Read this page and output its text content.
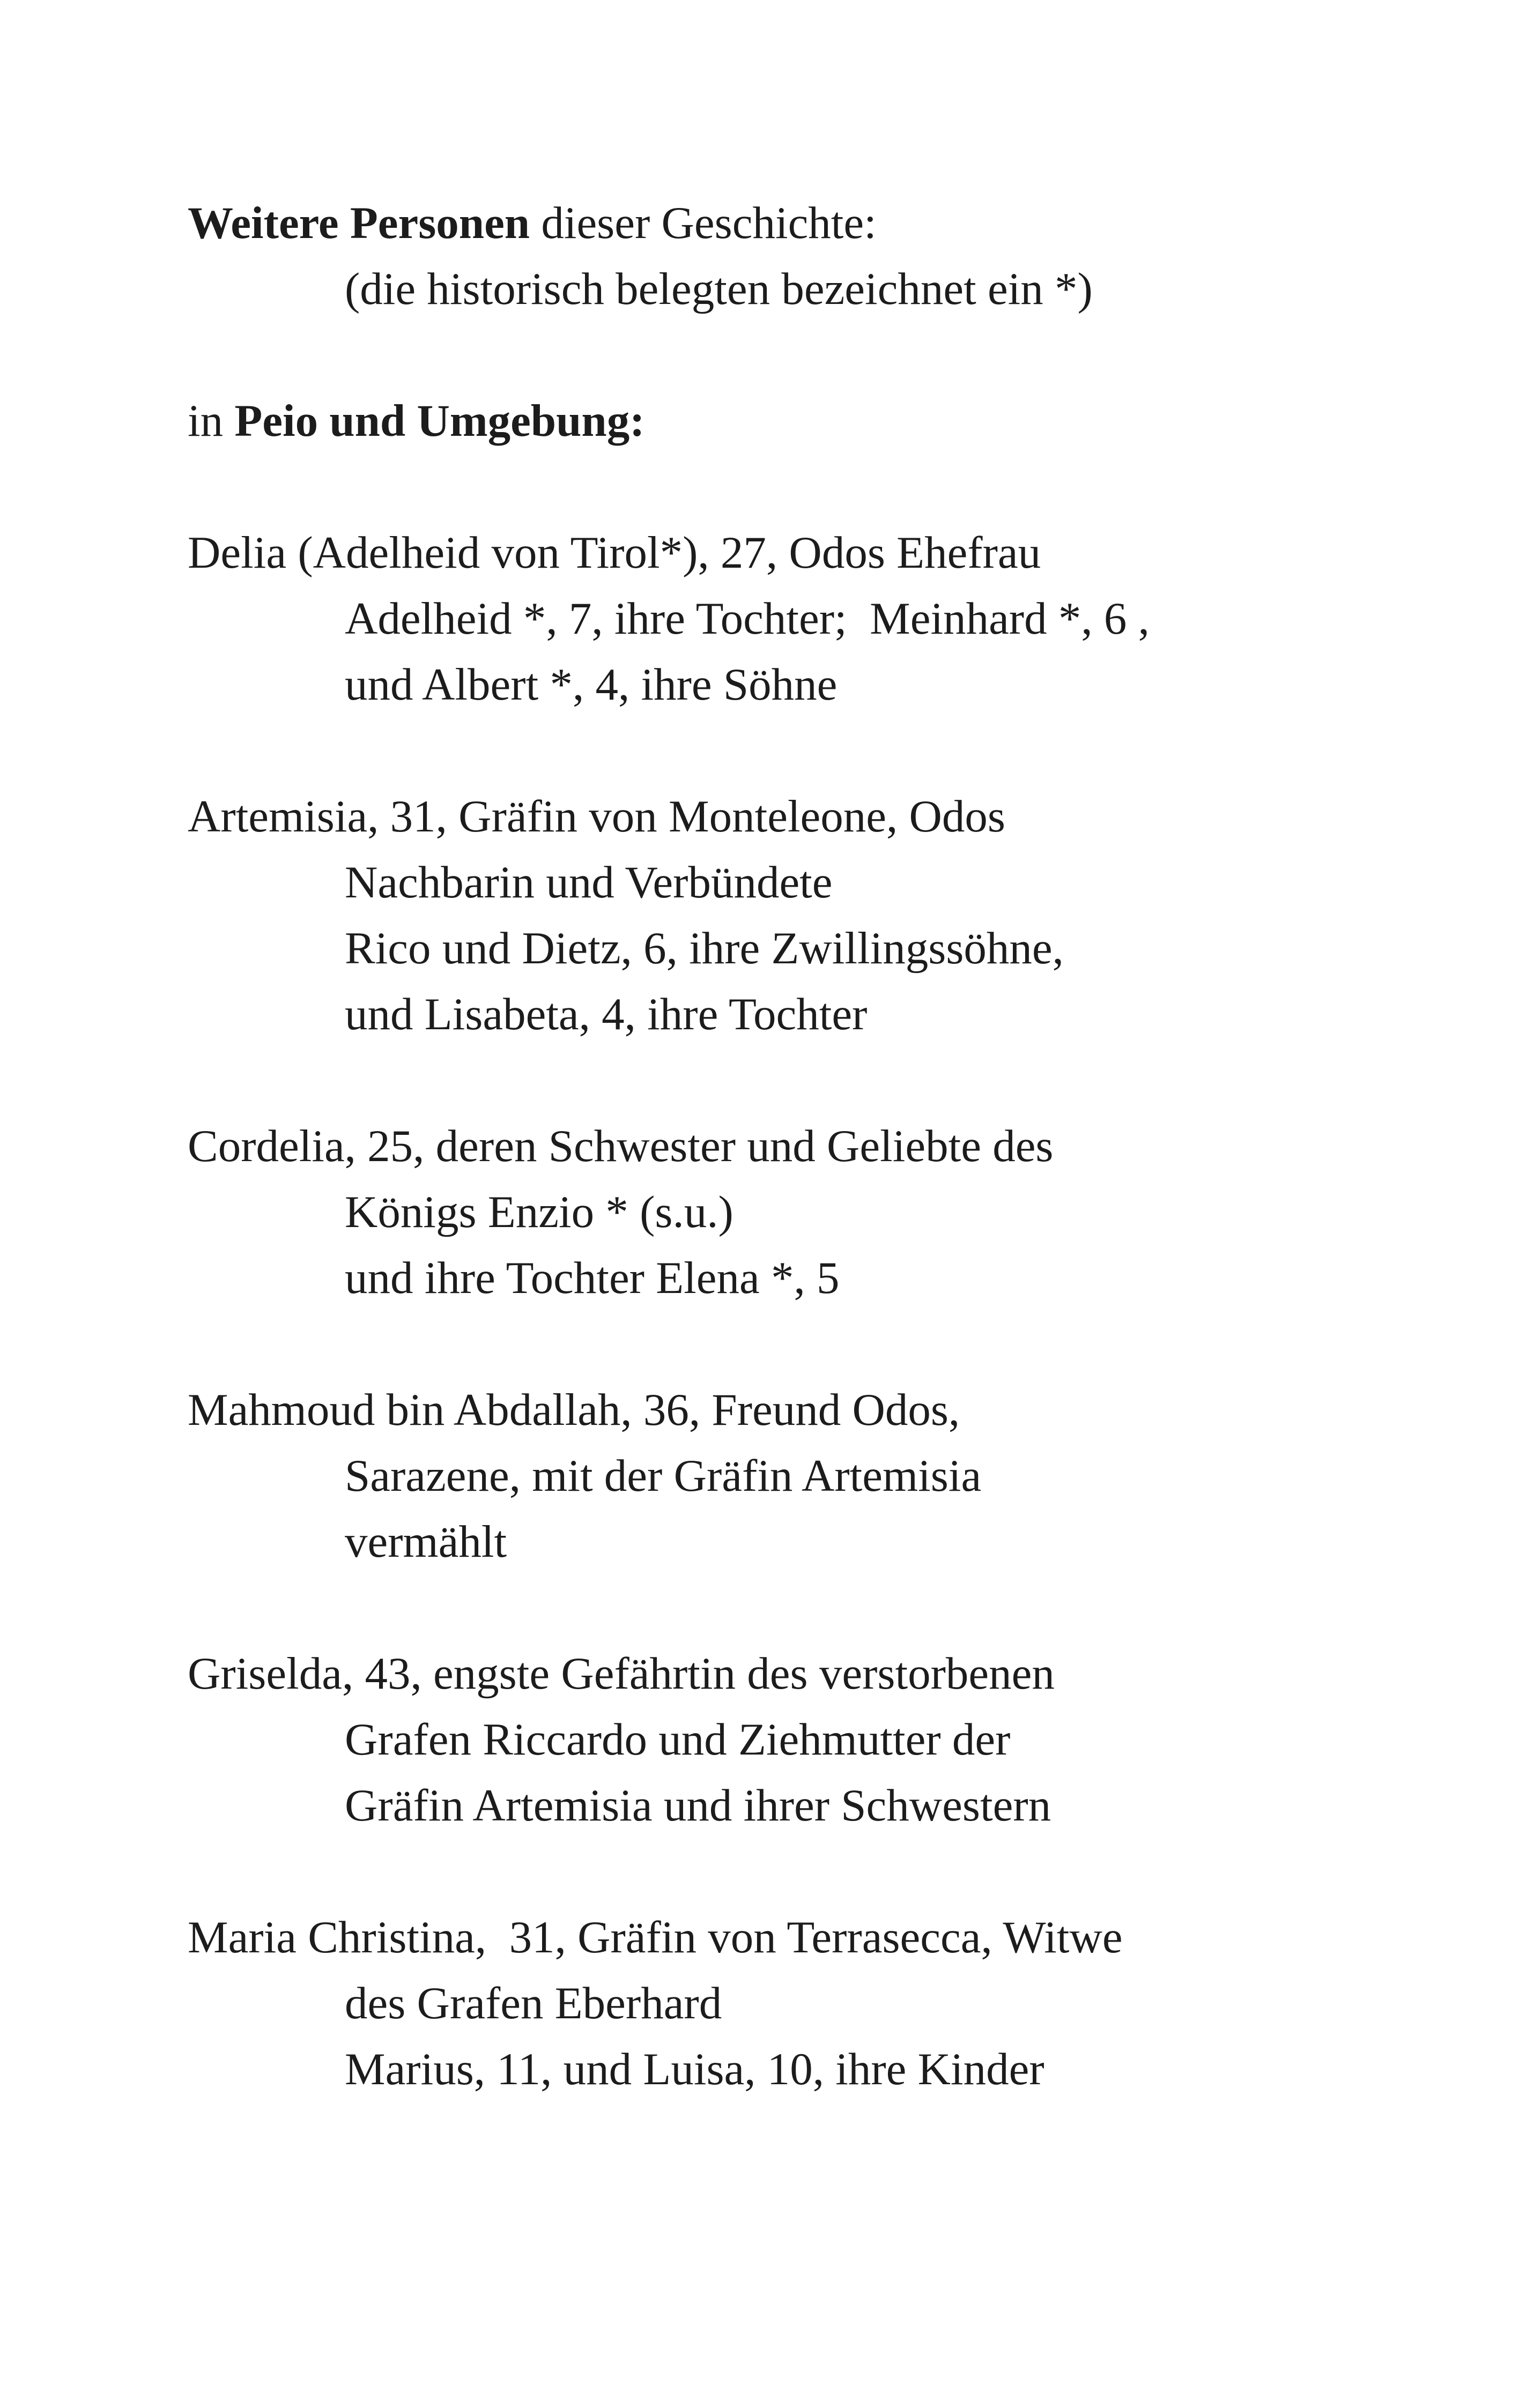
Weitere Personen dieser Geschichte:
(die historisch belegten bezeichnet ein *)
in Peio und Umgebung:
Delia (Adelheid von Tirol*), 27, Odos Ehefrau
Adelheid *, 7, ihre Tochter;  Meinhard *, 6 ,
und Albert *, 4, ihre Söhne
Artemisia, 31, Gräfin von Monteleone, Odos
Nachbarin und Verbündete
Rico und Dietz, 6, ihre Zwillingssöhne,
und Lisabeta, 4, ihre Tochter
Cordelia, 25, deren Schwester und Geliebte des
Königs Enzio * (s.u.)
und ihre Tochter Elena *, 5
Mahmoud bin Abdallah, 36, Freund Odos,
Sarazene, mit der Gräfin Artemisia
vermählt
Griselda, 43, engste Gefährtin des verstorbenen
Grafen Riccardo und Ziehmutter der
Gräfin Artemisia und ihrer Schwestern
Maria Christina,  31, Gräfin von Terrasecca, Witwe
des Grafen Eberhard
Marius, 11, und Luisa, 10, ihre Kinder
